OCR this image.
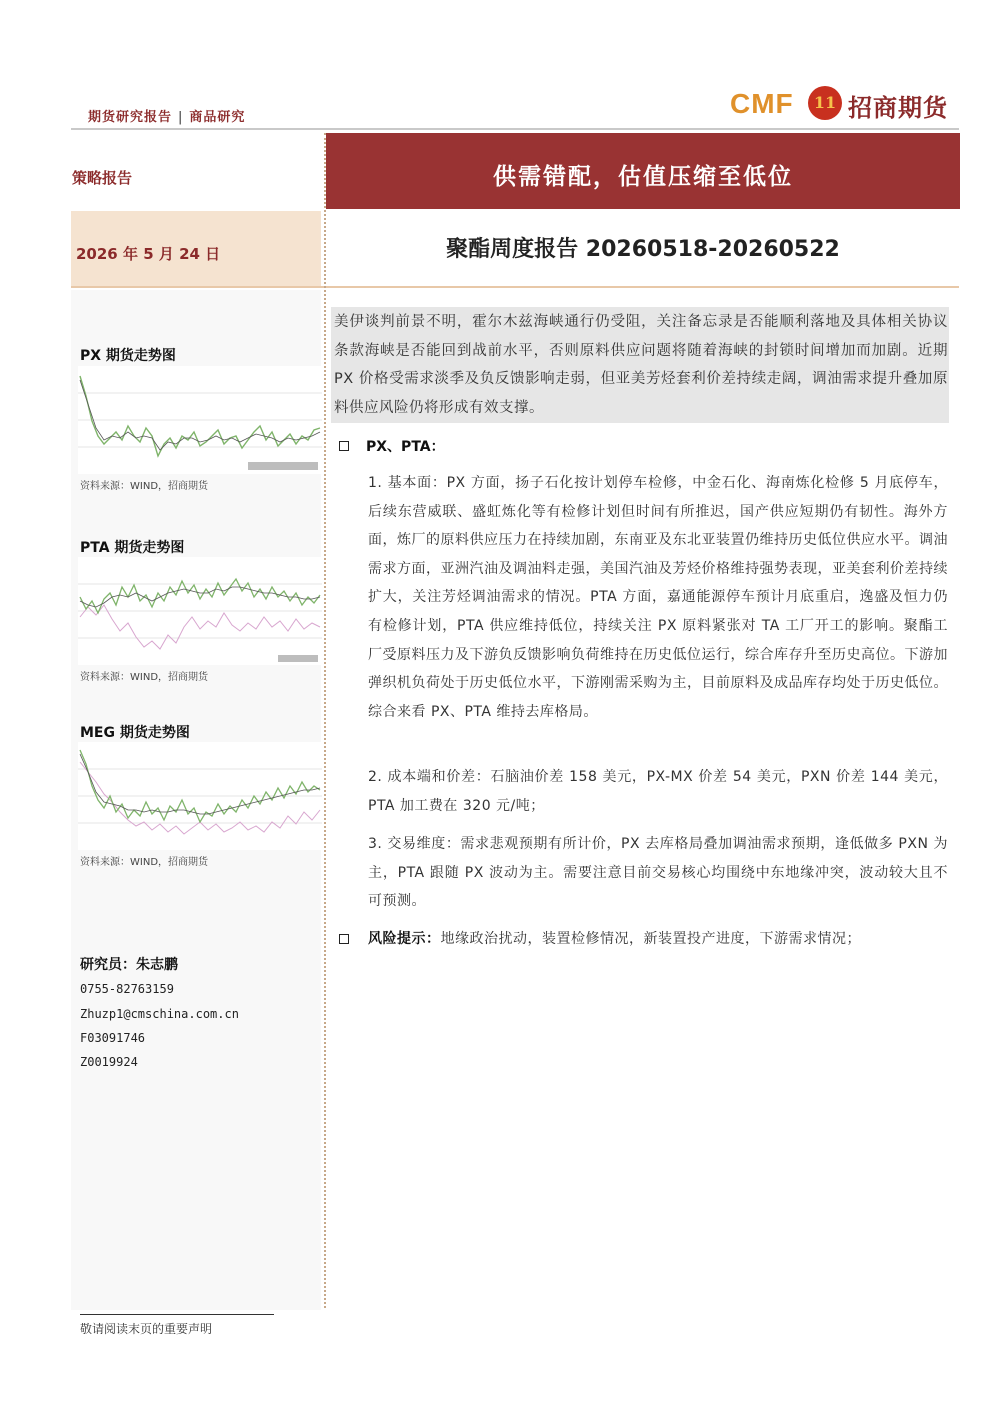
期货研究报告 | 商品研究	CMF	11 招商期货
策略报告	供需错配，估值压缩至低位
2026 年 5 月 24 日	聚酯周度报告 20260518-20260522
PX 期货走势图
资料来源：WIND，招商期货
PTA 期货走势图
资料来源：WIND，招商期货
MEG 期货走势图
资料来源：WIND，招商期货
研究员：朱志鹏
0755-82763159
Zhuzp1@cmschina.com.cn
F03091746
Z0019924
美伊谈判前景不明，霍尔木兹海峡通行仍受阻，关注备忘录是否能顺利落地及具体相关协议条款海峡是否能回到战前水平，否则原料供应问题将随着海峡的封锁时间增加而加剧。近期 PX 价格受需求淡季及负反馈影响走弱，但亚美芳烃套利价差持续走阔，调油需求提升叠加原料供应风险仍将形成有效支撑。
PX、PTA：
1. 基本面：PX 方面，扬子石化按计划停车检修，中金石化、海南炼化检修 5 月底停车，后续东营威联、盛虹炼化等有检修计划但时间有所推迟，国产供应短期仍有韧性。海外方面，炼厂的原料供应压力在持续加剧，东南亚及东北亚装置仍维持历史低位供应水平。调油需求方面，亚洲汽油及调油料走强，美国汽油及芳烃价格维持强势表现，亚美套利价差持续扩大，关注芳烃调油需求的情况。PTA 方面，嘉通能源停车预计月底重启，逸盛及恒力仍有检修计划，PTA 供应维持低位，持续关注 PX 原料紧张对 TA 工厂开工的影响。聚酯工厂受原料压力及下游负反馈影响负荷维持在历史低位运行，综合库存升至历史高位。下游加弹织机负荷处于历史低位水平，下游刚需采购为主，目前原料及成品库存均处于历史低位。综合来看 PX、PTA 维持去库格局。
2. 成本端和价差：石脑油价差 158 美元，PX-MX 价差 54 美元，PXN 价差 144 美元，PTA 加工费在 320 元/吨；
3. 交易维度：需求悲观预期有所计价，PX 去库格局叠加调油需求预期，逢低做多 PXN 为主，PTA 跟随 PX 波动为主。需要注意目前交易核心均围绕中东地缘冲突，波动较大且不可预测。
风险提示：地缘政治扰动，装置检修情况，新装置投产进度，下游需求情况；
敬请阅读末页的重要声明
